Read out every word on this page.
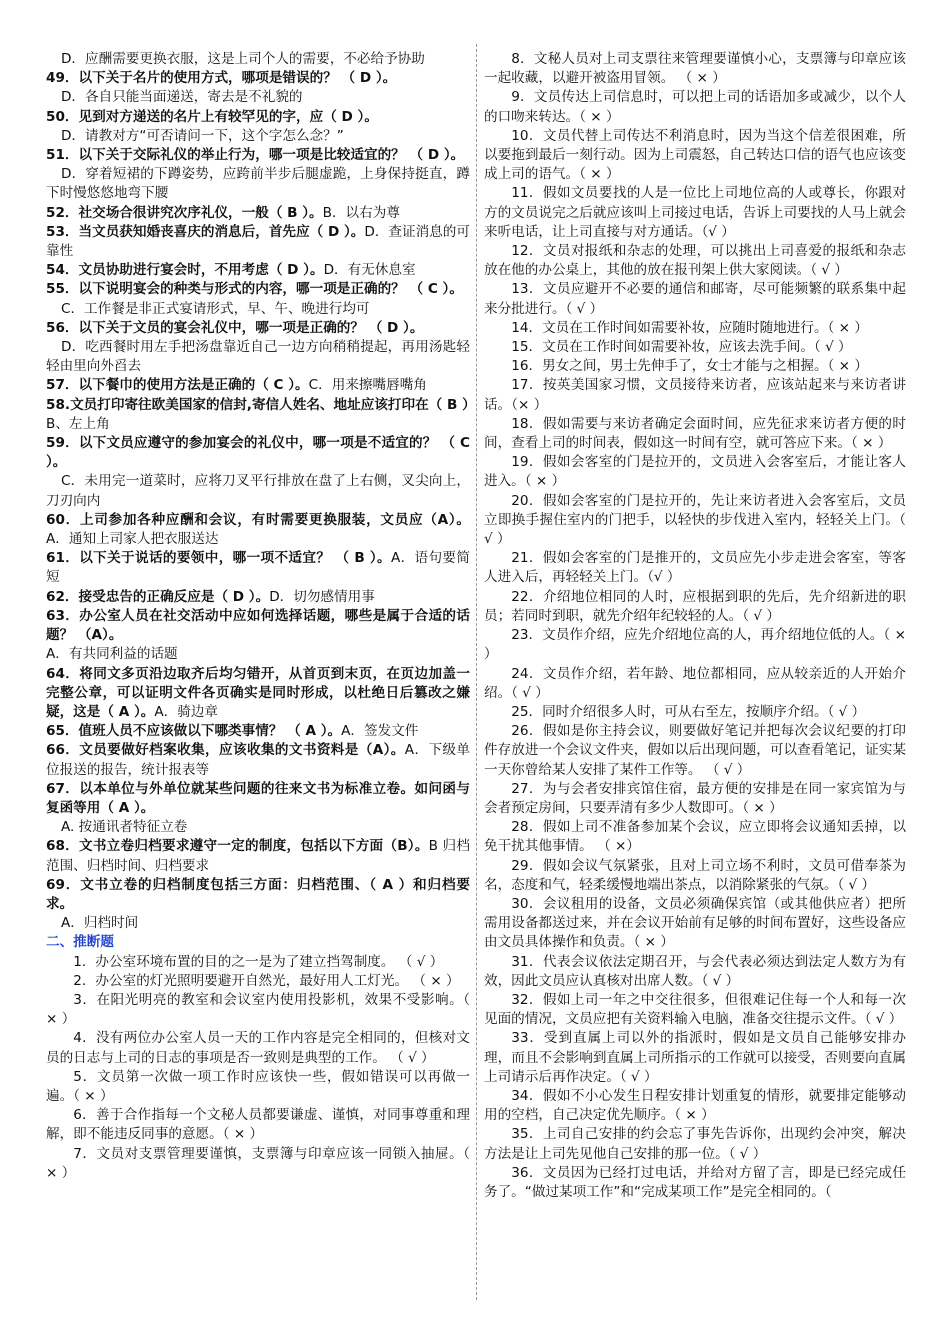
D．应酬需要更换衣服，这是上司个人的需要，不必给予协助

49．以下关于名片的使用方式，哪项是错误的？ （ D ）。

D．各自只能当面递送，寄去是不礼貌的

50．见到对方递送的名片上有较罕见的字，应（ D ）。

D．请教对方“可否请问一下，这个字怎么念？”

51．以下关于交际礼仪的举止行为，哪一项是比较适宜的？ （ D ）。

D．穿着短裙的下蹲姿势，应跨前半步后腿虚跪，上身保持挺直，蹲下时慢悠悠地弯下腰

52．社交场合很讲究次序礼仪，一般（ B ）。B．以右为尊

53．当文员获知婚丧喜庆的消息后，首先应（ D ）。D．查证消息的可靠性

54．文员协助进行宴会时，不用考虑（ D ）。D．有无休息室

55．以下说明宴会的种类与形式的内容，哪一项是正确的？ （ C ）。

C．工作餐是非正式宴请形式，早、午、晚进行均可

56．以下关于文员的宴会礼仪中，哪一项是正确的？ （ D ）。

D．吃西餐时用左手把汤盘靠近自己一边方向稍稍提起，再用汤匙轻轻由里向外舀去

57．以下餐巾的使用方法是正确的（ C ）。C．用来擦嘴唇嘴角

58.文员打印寄往欧美国家的信封,寄信人姓名、地址应该打印在（ B ）B、左上角

59．以下文员应遵守的参加宴会的礼仪中，哪一项是不适宜的？ （ C ）。

C．未用完一道菜时，应将刀叉平行排放在盘了上右侧，叉尖向上，刀刃向内

60．上司参加各种应酬和会议，有时需要更换服装，文员应（A）。A．通知上司家人把衣服送达

61．以下关于说话的要领中，哪一项不适宜？ （ B ）。A．语句要简短

62．接受忠告的正确反应是（ D ）。D．切勿感情用事

63．办公室人员在社交活动中应如何选择话题，哪些是属于合适的话题？ （A）。

A．有共同利益的话题

64．将同文多页沿边取齐后均匀错开，从首页到末页，在页边加盖一完整公章，可以证明文件各页确实是同时形成，以杜绝日后篡改之嫌疑，这是（ A ）。A．骑边章

65．值班人员不应该做以下哪类事情？ （ A ）。A．签发文件

66．文员要做好档案收集，应该收集的文书资料是（A）。A．下级单位报送的报告，统计报表等

67．以本单位与外单位就某些问题的往来文书为标准立卷。如问函与复函等用（ A ）。

A. 按通讯者特征立卷

68．文书立卷归档要求遵守一定的制度，包括以下方面（B）。B 归档范围、归档时间、归档要求

69．文书立卷的归档制度包括三方面：归档范围、（ A ）和归档要求。

A．归档时间

二、推断题

1．办公室环境布置的目的之一是为了建立挡驾制度。 （ √ ）

2．办公室的灯光照明要避开自然光，最好用人工灯光。 （ × ）

3．在阳光明亮的教室和会议室内使用投影机，效果不受影响。（ × ）

4．没有两位办公室人员一天的工作内容是完全相同的，但核对文员的日志与上司的日志的事项是否一致则是典型的工作。 （ √ ）

5．文员第一次做一项工作时应该快一些，假如错误可以再做一遍。（ × ）

6．善于合作指每一个文秘人员都要谦虚、谨慎，对同事尊重和理解，即不能违反同事的意愿。（ × ）

7．文员对支票管理要谨慎，支票簿与印章应该一同锁入抽屉。（ × ）

8．文秘人员对上司支票往来管理要谨慎小心，支票簿与印章应该一起收藏，以避开被盗用冒领。 （ × ）

9．文员传达上司信息时，可以把上司的话语加多或减少，以个人的口吻来转达。（ × ）

10．文员代替上司传达不利消息时，因为当这个信差很困难，所以要拖到最后一刻行动。因为上司震怒，自己转达口信的语气也应该变成上司的语气。（ × ）

11．假如文员要找的人是一位比上司地位高的人或尊长，你跟对方的文员说完之后就应该叫上司接过电话，告诉上司要找的人马上就会来听电话，让上司直接与对方通话。（√ ）

12．文员对报纸和杂志的处理，可以挑出上司喜爱的报纸和杂志放在他的办公桌上，其他的放在报刊架上供大家阅读。（ √ ）

13．文员应避开不必要的通信和邮寄，尽可能频繁的联系集中起来分批进行。（ √ ）

14．文员在工作时间如需要补妆，应随时随地进行。（ × ）

15．文员在工作时间如需要补妆，应该去洗手间。（ √ ）

16．男女之间，男士先伸手了，女士才能与之相握。（ × ）

17．按英美国家习惯，文员接待来访者，应该站起来与来访者讲话。（× ）

18．假如需要与来访者确定会面时间，应先征求来访者方便的时间，查看上司的时间表，假如这一时间有空，就可答应下来。（ × ）

19．假如会客室的门是拉开的，文员进入会客室后，才能让客人进入。（ × ）

20．假如会客室的门是拉开的，先让来访者进入会客室后，文员立即换手握住室内的门把手，以轻快的步伐进入室内，轻轻关上门。（ √ ）

21．假如会客室的门是推开的，文员应先小步走进会客室，等客人进入后，再轻轻关上门。（√ ）

22．介绍地位相同的人时，应根据到职的先后，先介绍新进的职员；若同时到职，就先介绍年纪较轻的人。（ √ ）

23．文员作介绍，应先介绍地位高的人，再介绍地位低的人。（ × ）

24．文员作介绍，若年龄、地位都相同，应从较亲近的人开始介绍。（ √ ）

25．同时介绍很多人时，可从右至左，按顺序介绍。（ √ ）

26．假如是你主持会议，则要做好笔记并把每次会议纪要的打印件存放进一个会议文件夹，假如以后出现问题，可以查看笔记，证实某一天你曾给某人安排了某件工作等。 （ √ ）

27．为与会者安排宾馆住宿，最方便的安排是在同一家宾馆为与会者预定房间，只要弄清有多少人数即可。（ × ）

28．假如上司不准备参加某个会议，应立即将会议通知丢掉，以免干扰其他事情。 （ ×）

29．假如会议气氛紧张，且对上司立场不利时，文员可借奉茶为名，态度和气，轻柔缓慢地端出茶点，以消除紧张的气氛。（ √ ）

30．会议租用的设备，文员必须确保宾馆（或其他供应者）把所需用设备都送过来，并在会议开始前有足够的时间布置好，这些设备应由文员具体操作和负责。（ × ）

31．代表会议依法定期召开，与会代表必须达到法定人数方为有效，因此文员应认真核对出席人数。（ √ ）

32．假如上司一年之中交往很多，但很难记住每一个人和每一次见面的情况，文员应把有关资料输入电脑，准备交往提示文件。（ √ ）

33．受到直属上司以外的指派时，假如是文员自己能够安排办理，而且不会影响到直属上司所指示的工作就可以接受，否则要向直属上司请示后再作决定。（ √ ）

34．假如不小心发生日程安排计划重复的情形，就要排定能够动用的空档，自己决定优先顺序。（ × ）

35．上司自己安排的约会忘了事先告诉你，出现约会冲突，解决方法是让上司先见他自己安排的那一位。（ √ ）

36．文员因为已经打过电话，并给对方留了言，即是已经完成任务了。“做过某项工作”和“完成某项工作”是完全相同的。（
